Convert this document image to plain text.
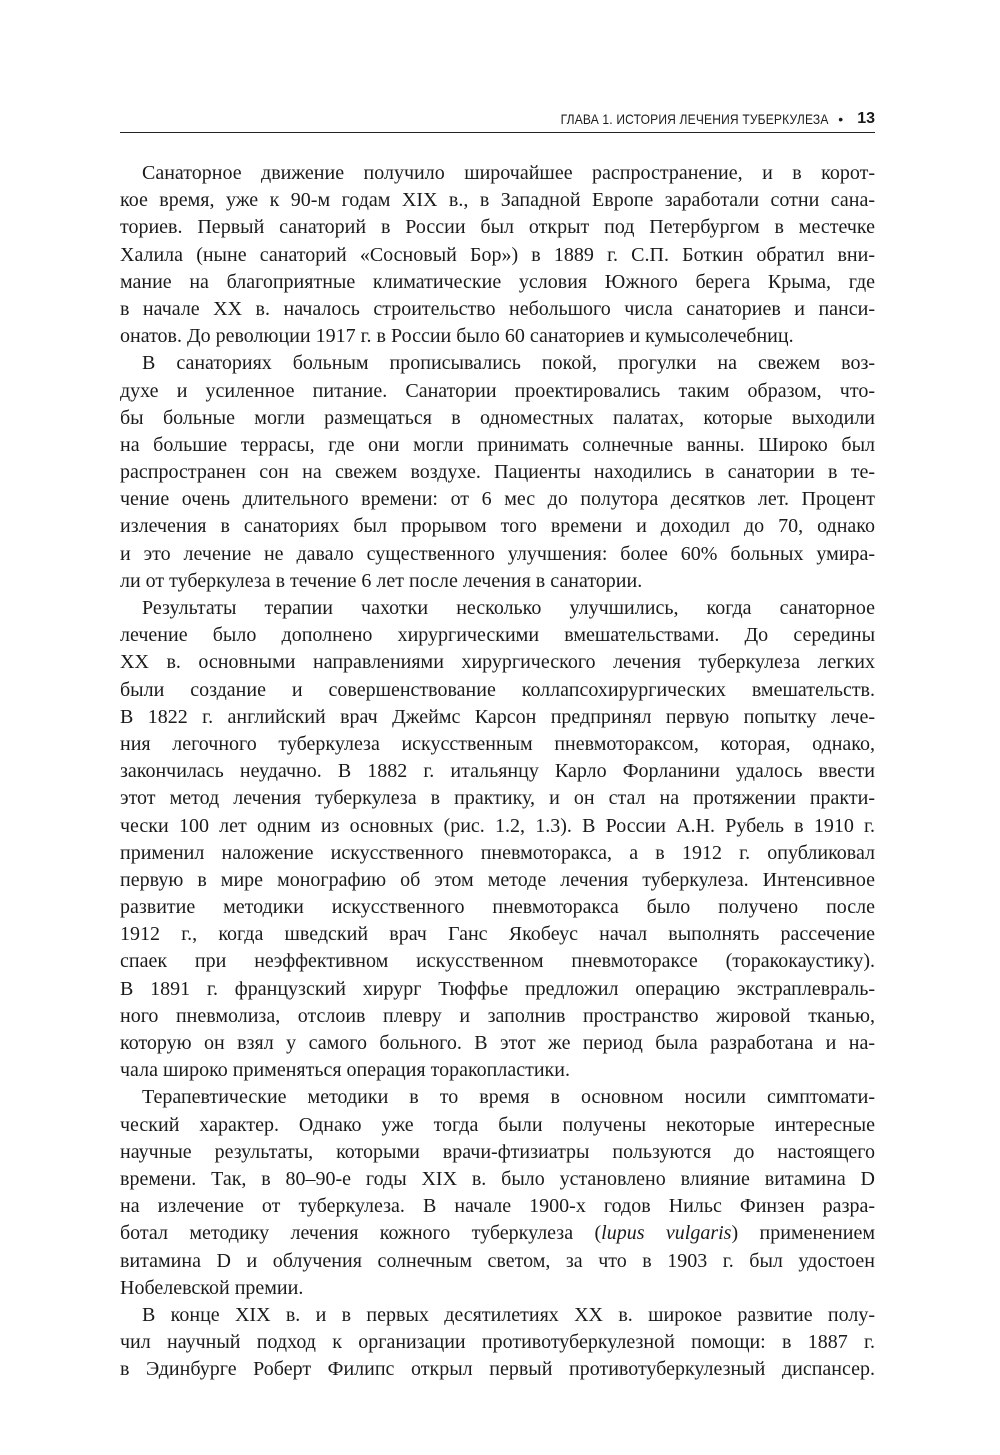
ГЛАВА 1. ИСТОРИЯ ЛЕЧЕНИЯ ТУБЕРКУЛЕЗА • 13
Санаторное движение получило широчайшее распространение, и в корот-
кое время, уже к 90-м годам XIX в., в Западной Европе заработали сотни сана-
ториев. Первый санаторий в России был открыт под Петербургом в местечке
Халила (ныне санаторий «Сосновый Бор») в 1889 г. С.П. Боткин обратил вни-
мание на благоприятные климатические условия Южного берега Крыма, где
в начале XX в. началось строительство небольшого числа санаториев и панси-
онатов. До революции 1917 г. в России было 60 санаториев и кумысолечебниц.
В санаториях больным прописывались покой, прогулки на свежем воз-
духе и усиленное питание. Санатории проектировались таким образом, что-
бы больные могли размещаться в одноместных палатах, которые выходили
на большие террасы, где они могли принимать солнечные ванны. Широко был
распространен сон на свежем воздухе. Пациенты находились в санатории в те-
чение очень длительного времени: от 6 мес до полутора десятков лет. Процент
излечения в санаториях был прорывом того времени и доходил до 70, однако
и это лечение не давало существенного улучшения: более 60% больных умира-
ли от туберкулеза в течение 6 лет после лечения в санатории.
Результаты терапии чахотки несколько улучшились, когда санаторное
лечение было дополнено хирургическими вмешательствами. До середины
XX в. основными направлениями хирургического лечения туберкулеза легких
были создание и совершенствование коллапсохирургических вмешательств.
В 1822 г. английский врач Джеймс Карсон предпринял первую попытку лече-
ния легочного туберкулеза искусственным пневмотораксом, которая, однако,
закончилась неудачно. В 1882 г. итальянцу Карло Форланини удалось ввести
этот метод лечения туберкулеза в практику, и он стал на протяжении практи-
чески 100 лет одним из основных (рис. 1.2, 1.3). В России А.Н. Рубель в 1910 г.
применил наложение искусственного пневмоторакса, а в 1912 г. опубликовал
первую в мире монографию об этом методе лечения туберкулеза. Интенсивное
развитие методики искусственного пневмоторакса было получено после
1912 г., когда шведский врач Ганс Якобеус начал выполнять рассечение
спаек при неэффективном искусственном пневмотораксе (торакокаустику).
В 1891 г. французский хирург Тюффье предложил операцию экстраплевраль-
ного пневмолиза, отслоив плевру и заполнив пространство жировой тканью,
которую он взял у самого больного. В этот же период была разработана и на-
чала широко применяться операция торакопластики.
Терапевтические методики в то время в основном носили симптомати-
ческий характер. Однако уже тогда были получены некоторые интересные
научные результаты, которыми врачи-фтизиатры пользуются до настоящего
времени. Так, в 80–90-е годы XIX в. было установлено влияние витамина D
на излечение от туберкулеза. В начале 1900-х годов Нильс Финзен разра-
ботал методику лечения кожного туберкулеза (lupus vulgaris) применением
витамина D и облучения солнечным светом, за что в 1903 г. был удостоен
Нобелевской премии.
В конце XIX в. и в первых десятилетиях XX в. широкое развитие полу-
чил научный подход к организации противотуберкулезной помощи: в 1887 г.
в Эдинбурге Роберт Филипс открыл первый противотуберкулезный диспансер.
